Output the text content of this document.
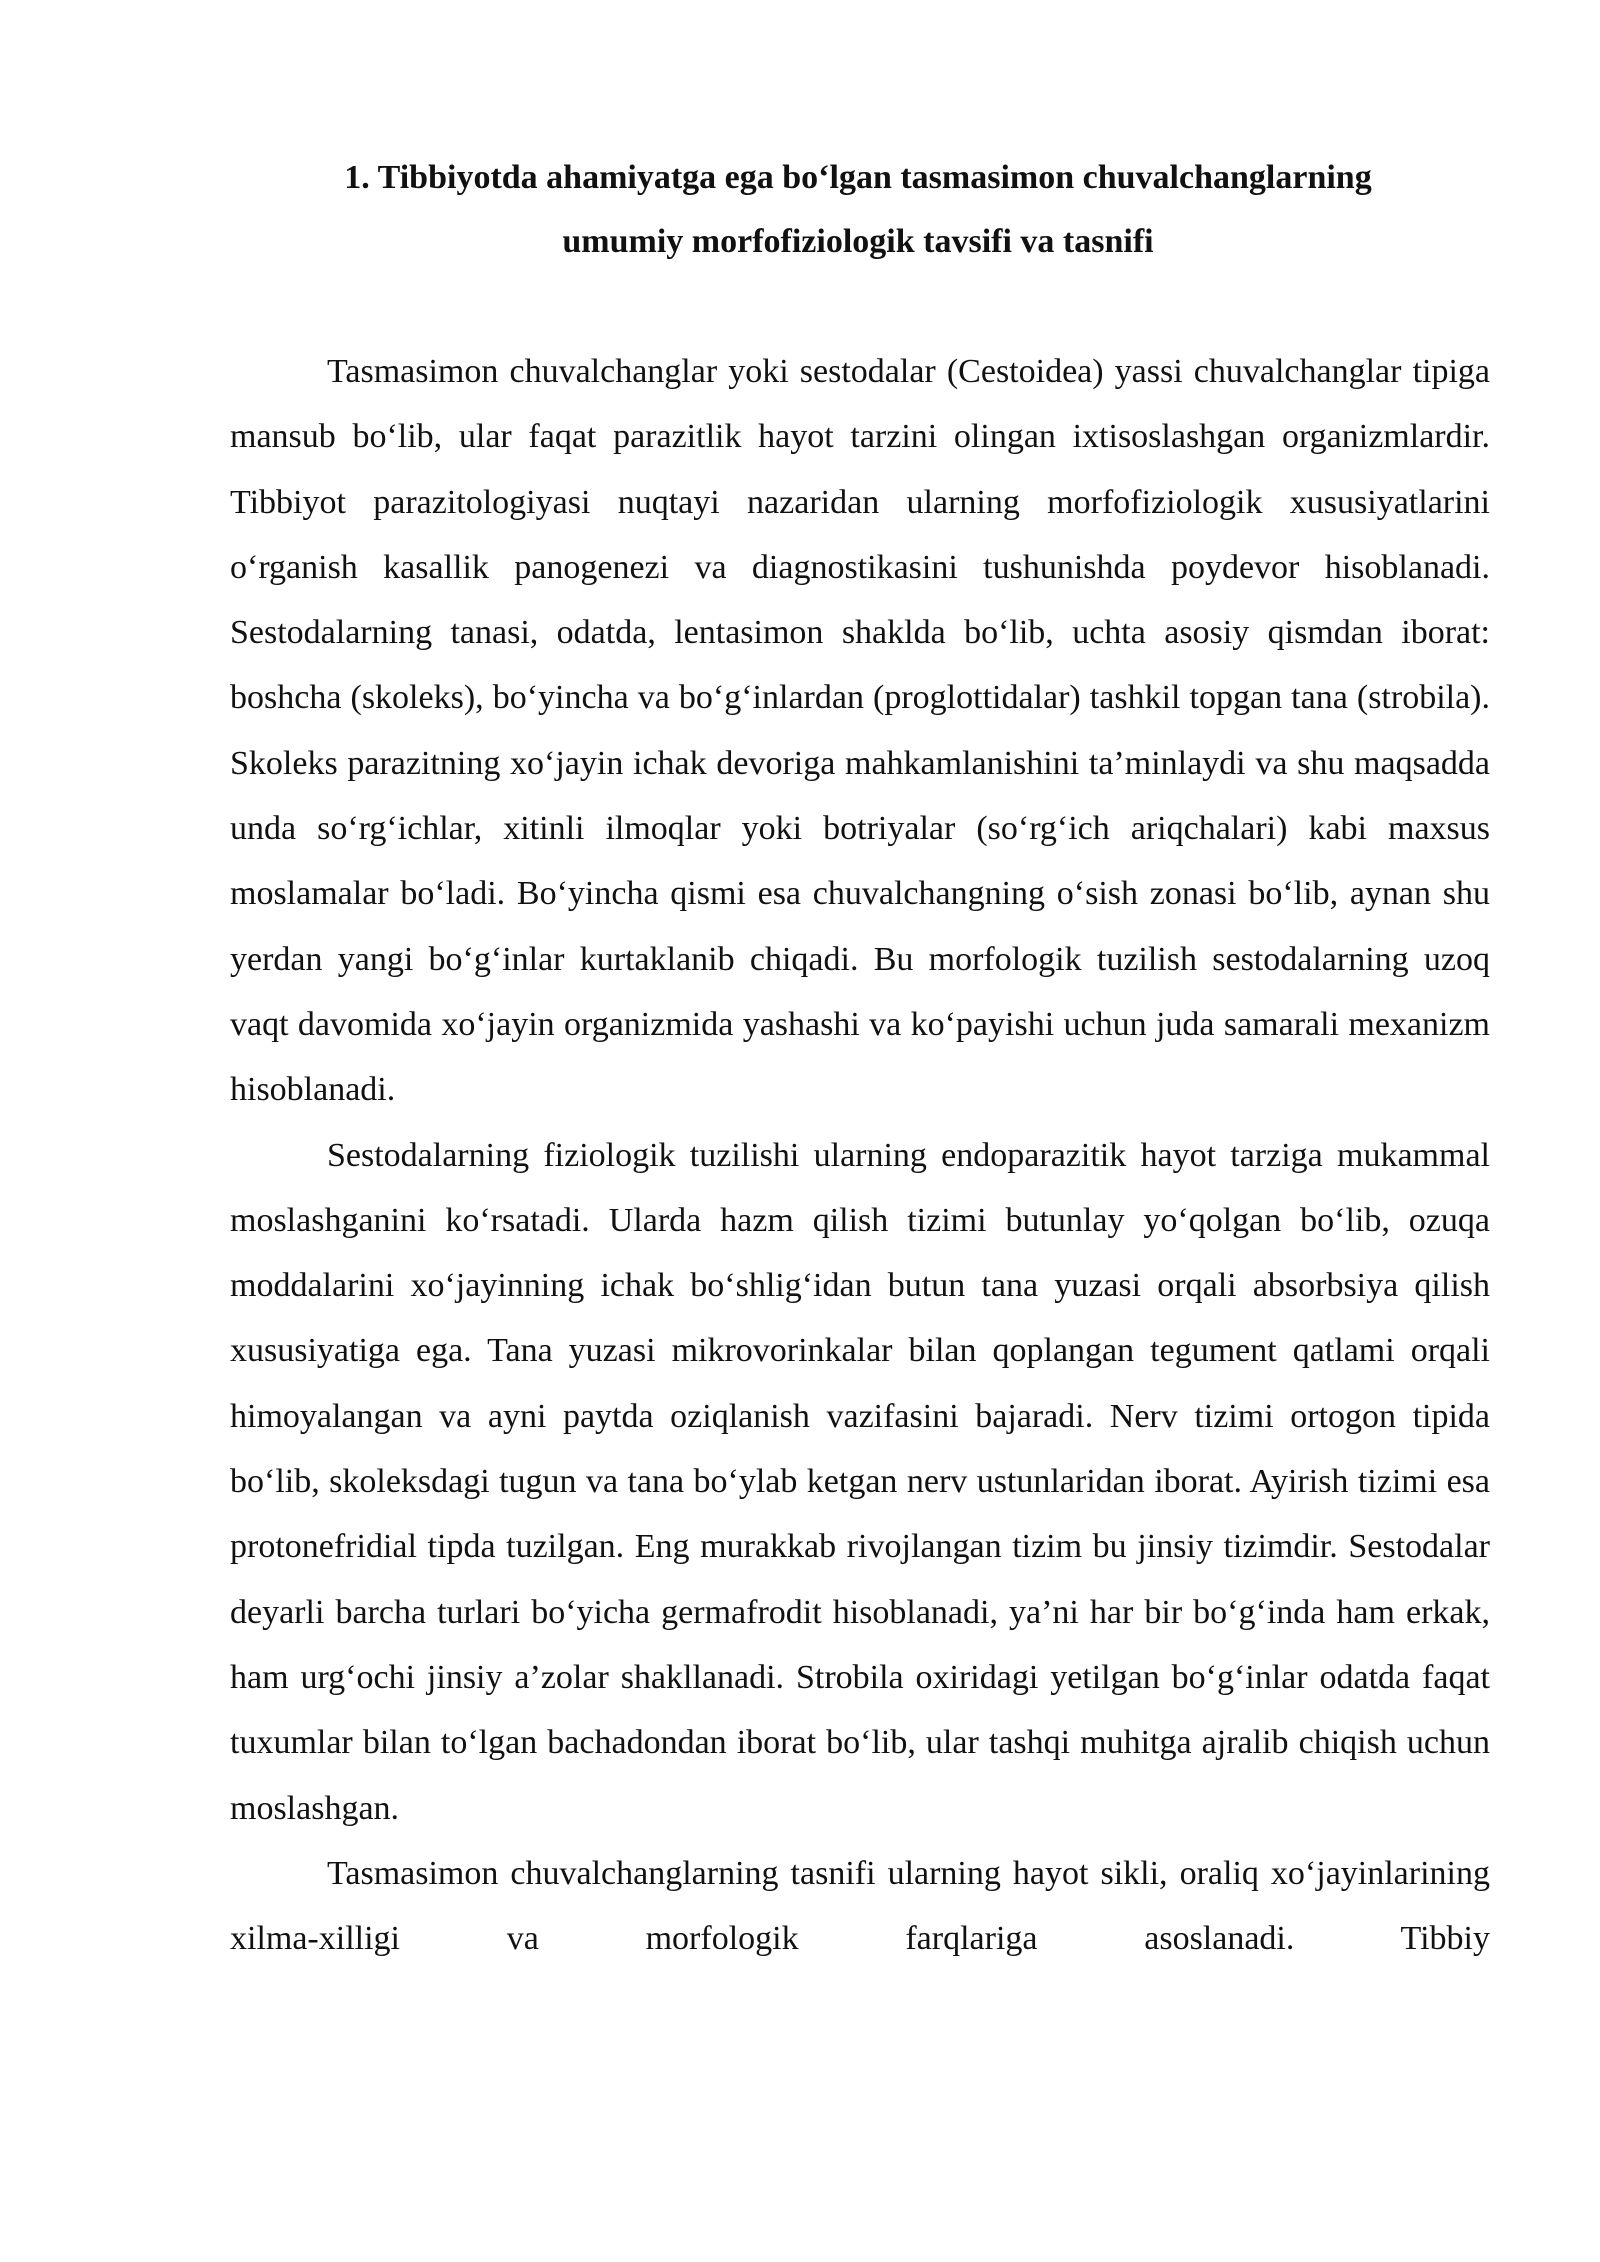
1. Tibbiyotda ahamiyatga ega bo‘lgan tasmasimon chuvalchanglarning
umumiy morfofiziologik tavsifi va tasnifi

Tasmasimon chuvalchanglar yoki sestodalar (Cestoidea) yassi chuvalchanglar tipiga mansub bo‘lib, ular faqat parazitlik hayot tarzini olingan ixtisoslashgan organizmlardir. Tibbiyot parazitologiyasi nuqtayi nazaridan ularning morfofiziologik xususiyatlarini o‘rganish kasallik panogenezi va diagnostikasini tushunishda poydevor hisoblanadi. Sestodalarning tanasi, odatda, lentasimon shaklda bo‘lib, uchta asosiy qismdan iborat: boshcha (skoleks), bo‘yincha va bo‘g‘inlardan (proglottidalar) tashkil topgan tana (strobila). Skoleks parazitning xo‘jayin ichak devoriga mahkamlanishini ta’minlaydi va shu maqsadda unda so‘rg‘ichlar, xitinli ilmoqlar yoki botriyalar (so‘rg‘ich ariqchalari) kabi maxsus moslamalar bo‘ladi. Bo‘yincha qismi esa chuvalchangning o‘sish zonasi bo‘lib, aynan shu yerdan yangi bo‘g‘inlar kurtaklanib chiqadi. Bu morfologik tuzilish sestodalarning uzoq vaqt davomida xo‘jayin organizmida yashashi va ko‘payishi uchun juda samarali mexanizm hisoblanadi.

Sestodalarning fiziologik tuzilishi ularning endoparazitik hayot tarziga mukammal moslashganini ko‘rsatadi. Ularda hazm qilish tizimi butunlay yo‘qolgan bo‘lib, ozuqa moddalarini xo‘jayinning ichak bo‘shlig‘idan butun tana yuzasi orqali absorbsiya qilish xususiyatiga ega. Tana yuzasi mikrovorinkalar bilan qoplangan tegument qatlami orqali himoyalangan va ayni paytda oziqlanish vazifasini bajaradi. Nerv tizimi ortogon tipida bo‘lib, skoleksdagi tugun va tana bo‘ylab ketgan nerv ustunlaridan iborat. Ayirish tizimi esa protonefridial tipda tuzilgan. Eng murakkab rivojlangan tizim bu jinsiy tizimdir. Sestodalar deyarli barcha turlari bo‘yicha germafrodit hisoblanadi, ya’ni har bir bo‘g‘inda ham erkak, ham urg‘ochi jinsiy a’zolar shakllanadi. Strobila oxiridagi yetilgan bo‘g‘inlar odatda faqat tuxumlar bilan to‘lgan bachadondan iborat bo‘lib, ular tashqi muhitga ajralib chiqish uchun moslashgan.

Tasmasimon chuvalchanglarning tasnifi ularning hayot sikli, oraliq xo‘jayinlarining xilma-xilligi va morfologik farqlariga asoslanadi. Tibbiy
